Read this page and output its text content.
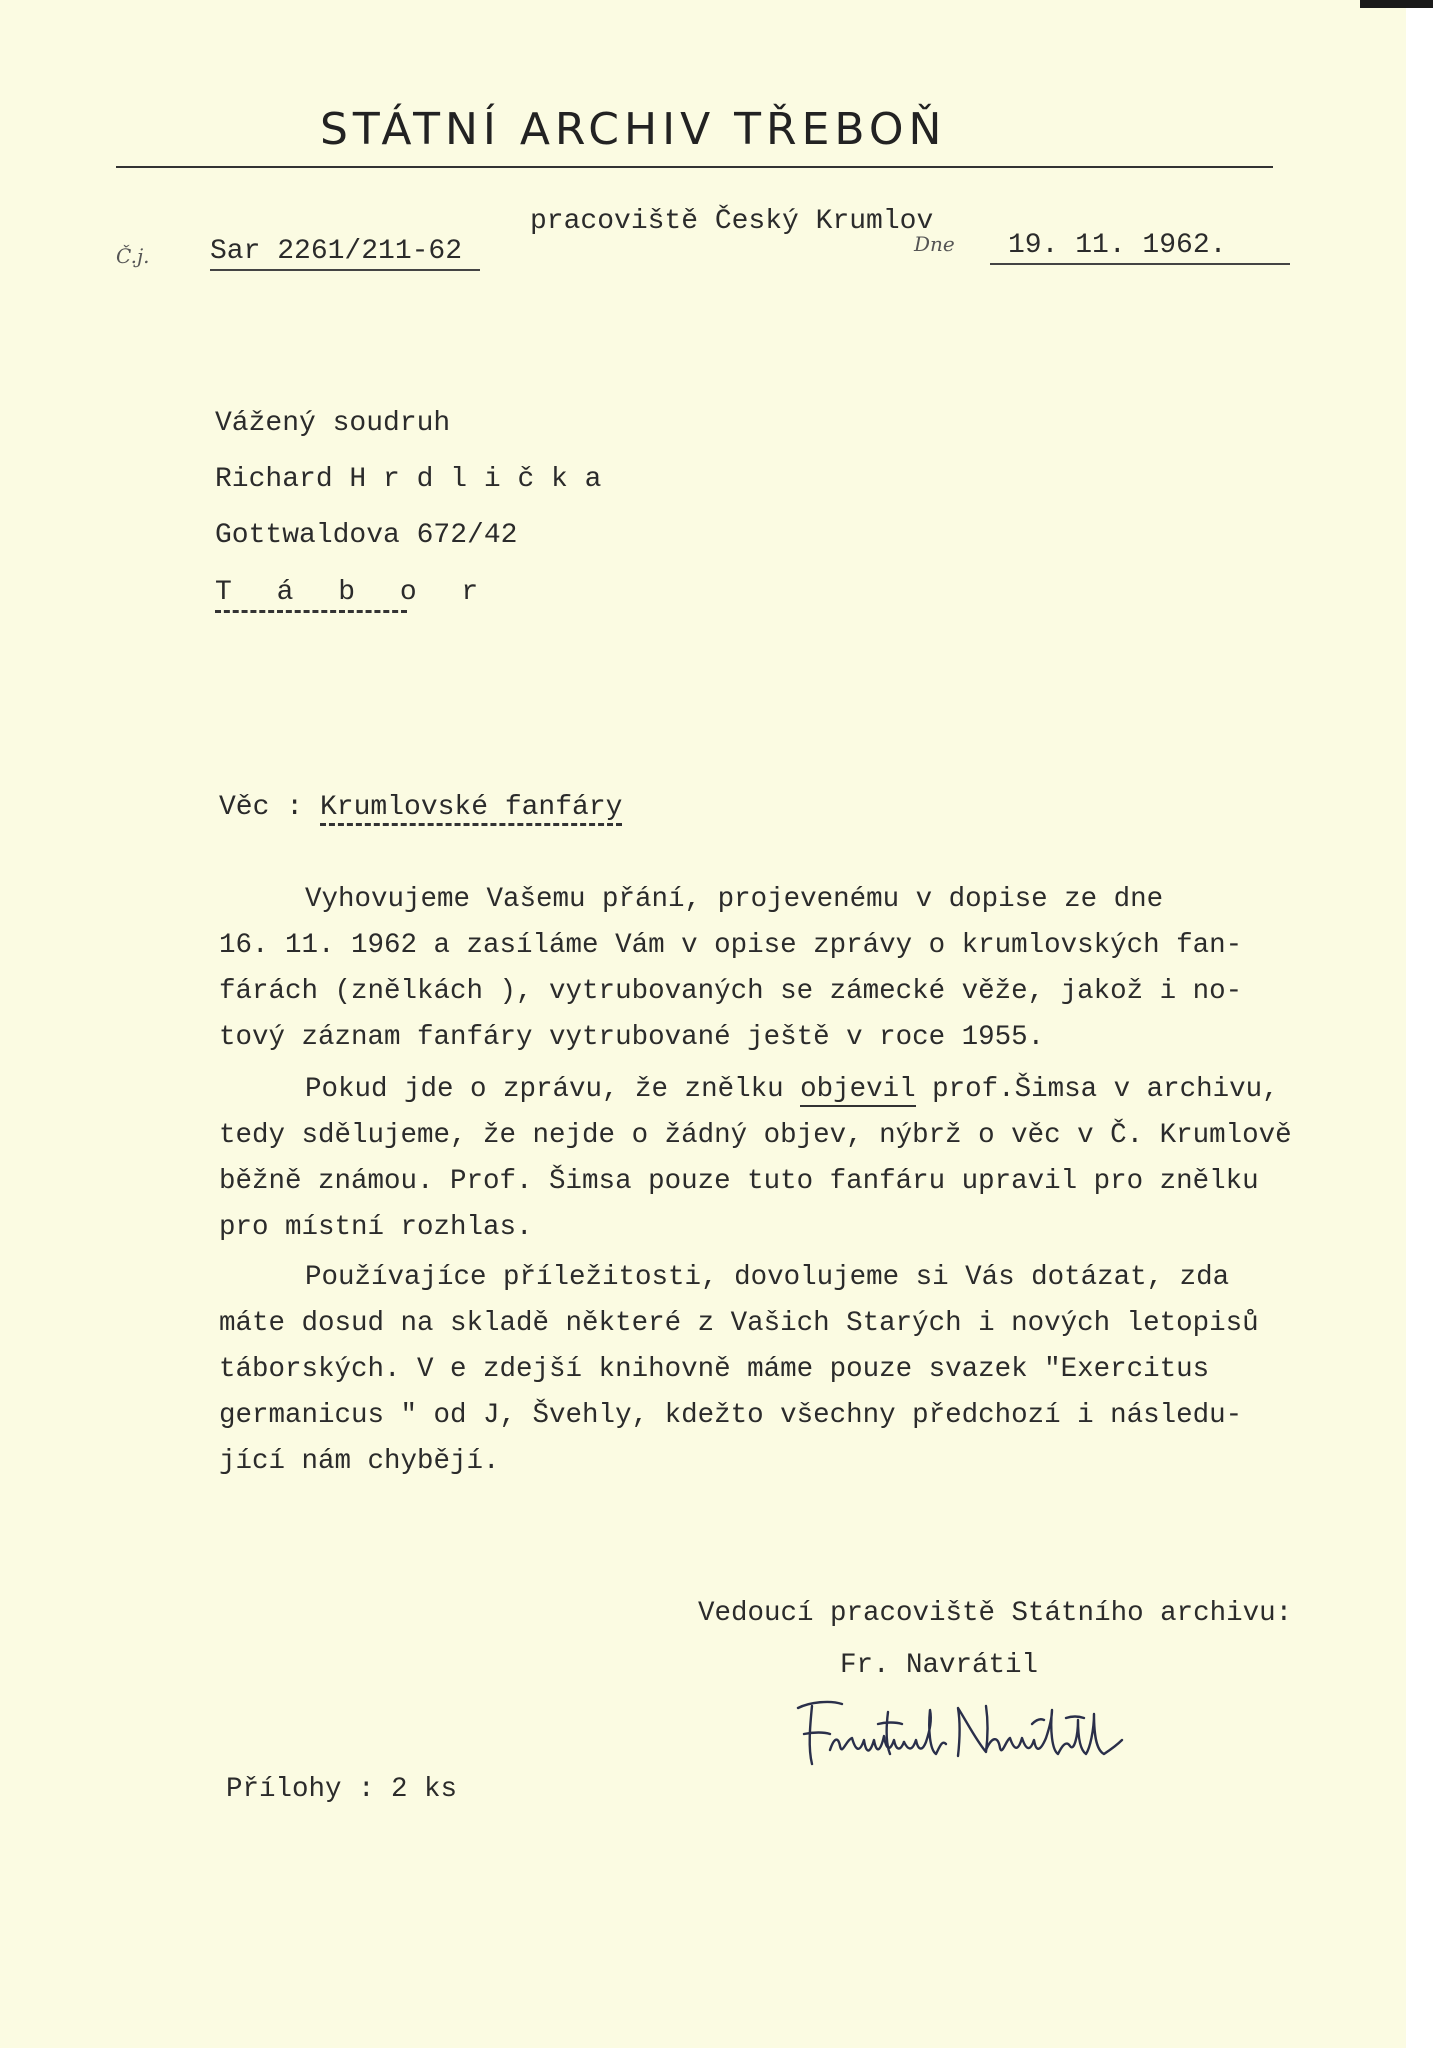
STÁTNÍ ARCHIV TŘEBOŇ
pracoviště Český Krumlov
Č.j. Sar 2261/211-62	Dne	19. 11. 1962.
Vážený soudruh
Richard H r d l i č k a
Gottwaldova 672/42
T á b o r
Věc : Krumlovské fanfáry
Vyhovujeme Vašemu přání, projevenému v dopise ze dne
16. 11. 1962 a zasíláme Vám v opise zprávy o krumlovských fan-
fárách (znělkách ), vytrubovaných se zámecké věže, jakož i no-
tový záznam fanfáry vytrubované ještě v roce 1955.
Pokud jde o zprávu, že znělku objevil prof.Šimsa v archivu,
tedy sdělujeme, že nejde o žádný objev, nýbrž o věc v Č. Krumlově
běžně známou. Prof. Šimsa pouze tuto fanfáru upravil pro znělku
pro místní rozhlas.
Používajíce příležitosti, dovolujeme si Vás dotázat, zda
máte dosud na skladě některé z Vašich Starých i nových letopisů
táborských. V e zdejší knihovně máme pouze svazek "Exercitus
germanicus " od J, Švehly, kdežto všechny předchozí i následu-
jící nám chybějí.
Vedoucí pracoviště Státního archivu:
Fr. Navrátil
Přílohy : 2 ks
